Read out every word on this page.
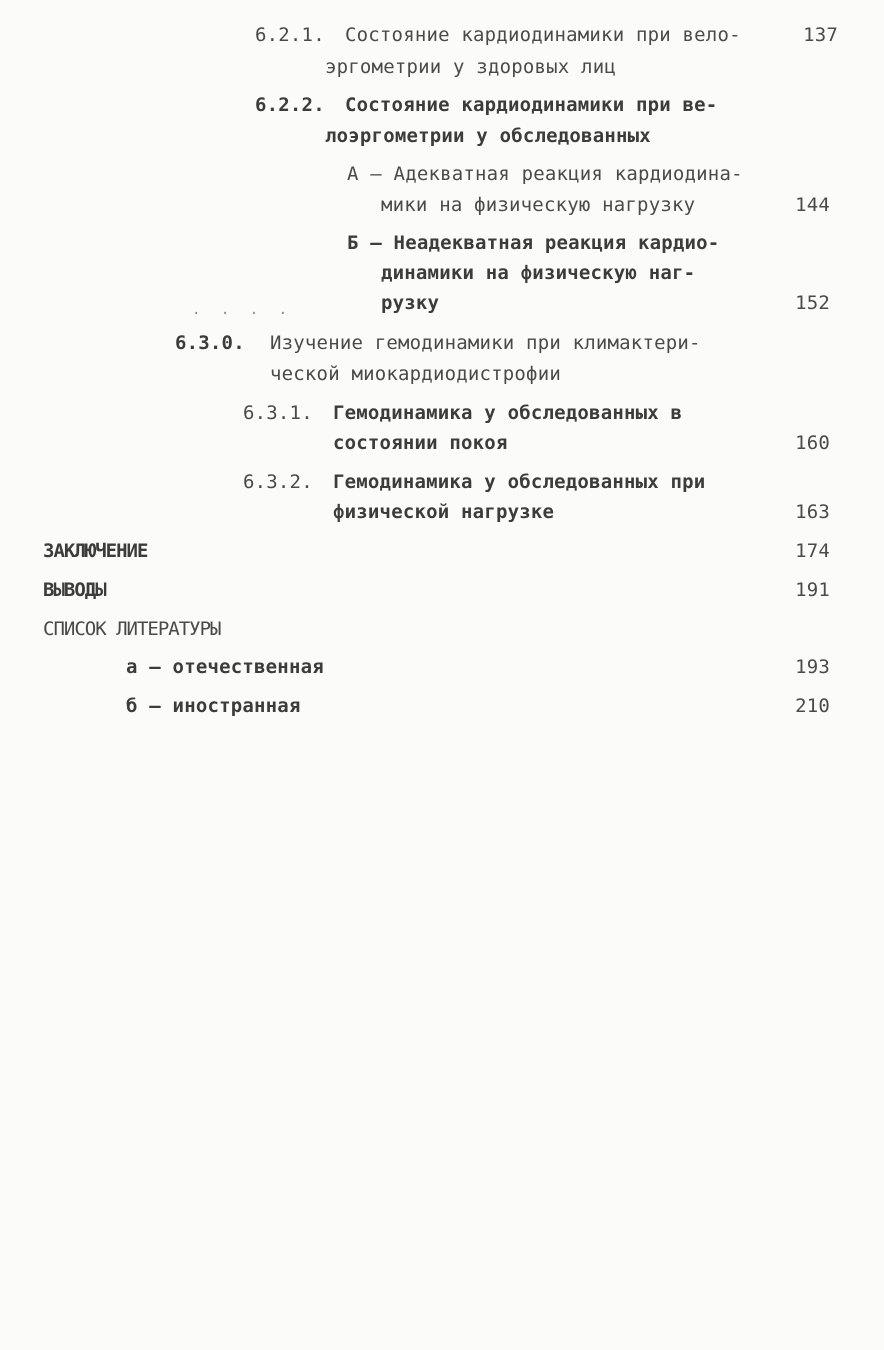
6.2.1. Состояние кардиодинамики при вело-	137
эргометрии у здоровых лиц
6.2.2. Состояние кардиодинамики при ве-
лоэргометрии у обследованных
А – Адекватная реакция кардиодина-
мики на физическую нагрузку	144
Б – Неадекватная реакция кардио-
динамики на физическую наг-
рузку	152
. . . .
6.3.0. Изучение гемодинамики при климактери-
ческой миокардиодистрофии
6.3.1. Гемодинамика у обследованных в
состоянии покоя	160
6.3.2. Гемодинамика у обследованных при
физической нагрузке	163
ЗАКЛЮЧЕНИЕ	174
ВЫВОДЫ	191
СПИСОК ЛИТЕРАТУРЫ
а – отечественная	193
б – иностранная	210
